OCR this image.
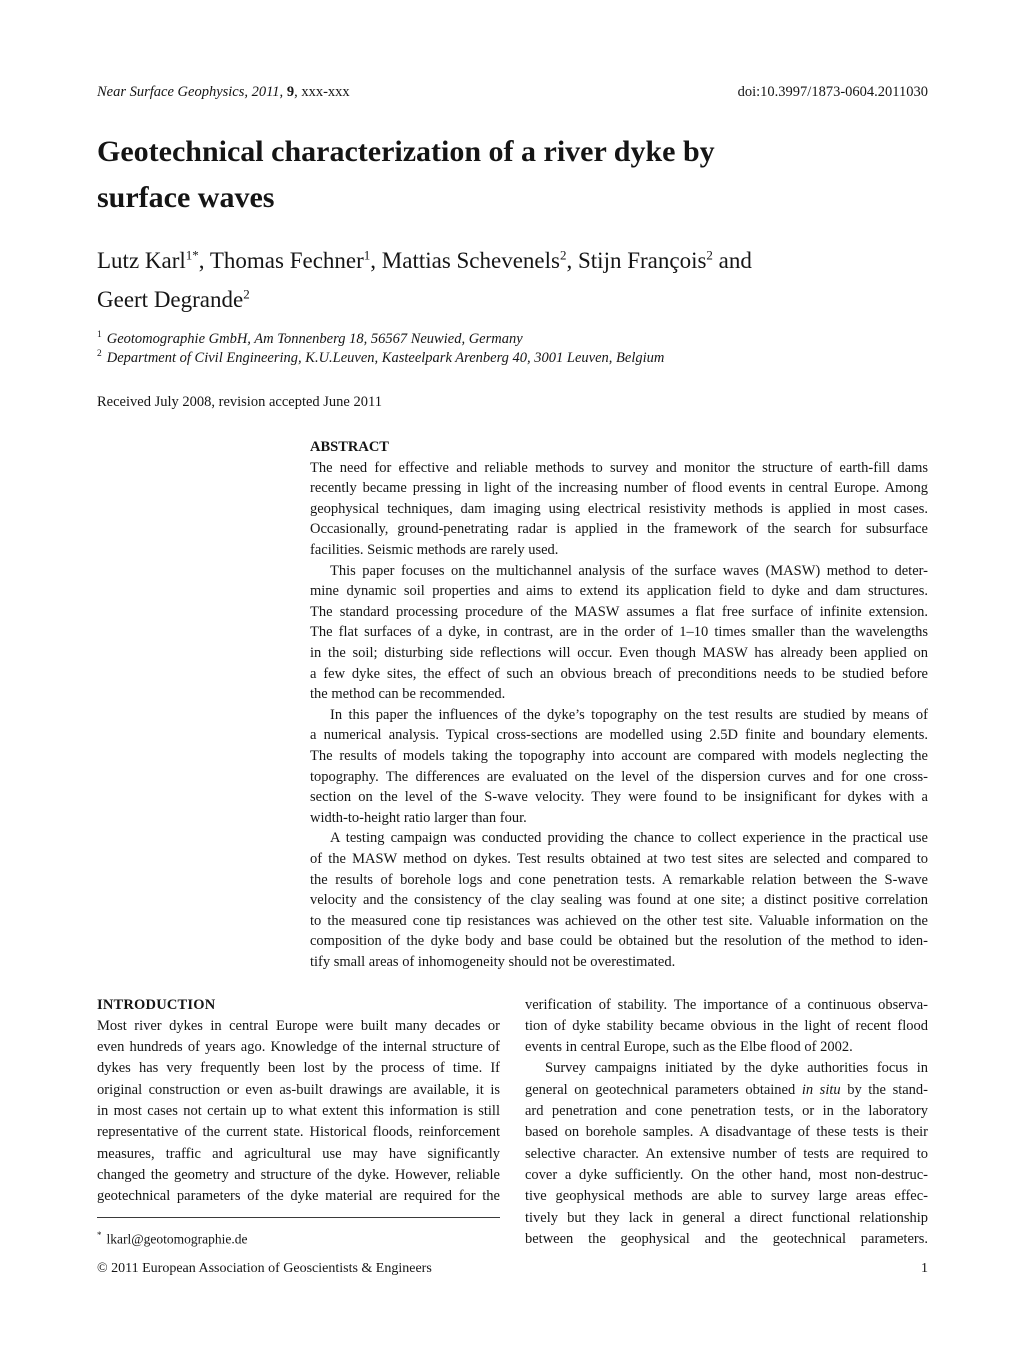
Near Surface Geophysics, 2011, 9, xxx-xxx	doi:10.3997/1873-0604.2011030
Geotechnical characterization of a river dyke by
surface waves
Lutz Karl$^{1*}$, Thomas Fechner$^1$, Mattias Schevenels$^2$, Stijn François$^2$ and
Geert Degrande$^2$
$^1$ Geotomographie GmbH, Am Tonnenberg 18, 56567 Neuwied, Germany
$^2$ Department of Civil Engineering, K.U.Leuven, Kasteelpark Arenberg 40, 3001 Leuven, Belgium
Received July 2008, revision accepted June 2011
ABSTRACT
The need for effective and reliable methods to survey and monitor the structure of earth-fill dams
recently became pressing in light of the increasing number of flood events in central Europe. Among
geophysical techniques, dam imaging using electrical resistivity methods is applied in most cases.
Occasionally, ground-penetrating radar is applied in the framework of the search for subsurface
facilities. Seismic methods are rarely used.
This paper focuses on the multichannel analysis of the surface waves (MASW) method to deter-
mine dynamic soil properties and aims to extend its application field to dyke and dam structures.
The standard processing procedure of the MASW assumes a flat free surface of infinite extension.
The flat surfaces of a dyke, in contrast, are in the order of 1–10 times smaller than the wavelengths
in the soil; disturbing side reflections will occur. Even though MASW has already been applied on
a few dyke sites, the effect of such an obvious breach of preconditions needs to be studied before
the method can be recommended.
In this paper the influences of the dyke’s topography on the test results are studied by means of
a numerical analysis. Typical cross-sections are modelled using 2.5D finite and boundary elements.
The results of models taking the topography into account are compared with models neglecting the
topography. The differences are evaluated on the level of the dispersion curves and for one cross-
section on the level of the S-wave velocity. They were found to be insignificant for dykes with a
width-to-height ratio larger than four.
A testing campaign was conducted providing the chance to collect experience in the practical use
of the MASW method on dykes. Test results obtained at two test sites are selected and compared to
the results of borehole logs and cone penetration tests. A remarkable relation between the S-wave
velocity and the consistency of the clay sealing was found at one site; a distinct positive correlation
to the measured cone tip resistances was achieved on the other test site. Valuable information on the
composition of the dyke body and base could be obtained but the resolution of the method to iden-
tify small areas of inhomogeneity should not be overestimated.
INTRODUCTION
Most river dykes in central Europe were built many decades or
even hundreds of years ago. Knowledge of the internal structure of
dykes has very frequently been lost by the process of time. If
original construction or even as-built drawings are available, it is
in most cases not certain up to what extent this information is still
representative of the current state. Historical floods, reinforcement
measures, traffic and agricultural use may have significantly
changed the geometry and structure of the dyke. However, reliable
geotechnical parameters of the dyke material are required for the
* lkarl@geotomographie.de
verification of stability. The importance of a continuous observa-
tion of dyke stability became obvious in the light of recent flood
events in central Europe, such as the Elbe flood of 2002.
Survey campaigns initiated by the dyke authorities focus in
general on geotechnical parameters obtained in situ by the stand-
ard penetration and cone penetration tests, or in the laboratory
based on borehole samples. A disadvantage of these tests is their
selective character. An extensive number of tests are required to
cover a dyke sufficiently. On the other hand, most non-destruc-
tive geophysical methods are able to survey large areas effec-
tively but they lack in general a direct functional relationship
between the geophysical and the geotechnical parameters.
© 2011 European Association of Geoscientists & Engineers	1
